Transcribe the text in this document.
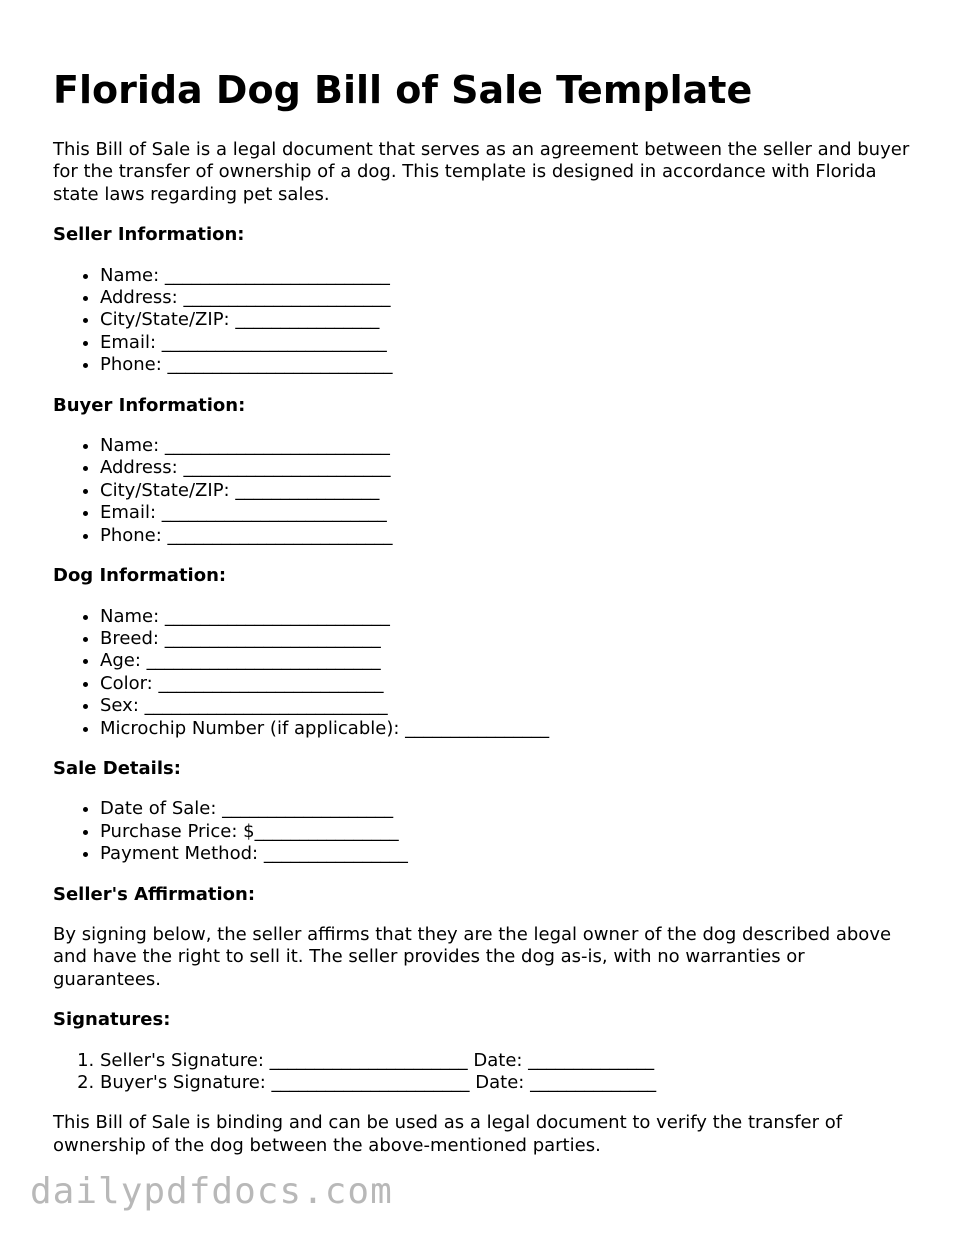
Florida Dog Bill of Sale Template

This Bill of Sale is a legal document that serves as an agreement between the seller and buyer for the transfer of ownership of a dog. This template is designed in accordance with Florida state laws regarding pet sales.

Seller Information:
• Name: _________________________
• Address: _______________________
• City/State/ZIP: ________________
• Email: _________________________
• Phone: _________________________
Buyer Information:
• Name: _________________________
• Address: _______________________
• City/State/ZIP: ________________
• Email: _________________________
• Phone: _________________________
Dog Information:
• Name: _________________________
• Breed: ________________________
• Age: __________________________
• Color: _________________________
• Sex: ___________________________
• Microchip Number (if applicable): ________________
Sale Details:
• Date of Sale: ___________________
• Purchase Price: $________________
• Payment Method: ________________
Seller's Affirmation:

By signing below, the seller affirms that they are the legal owner of the dog described above and have the right to sell it. The seller provides the dog as-is, with no warranties or guarantees.

Signatures:
1. Seller's Signature: ______________________ Date: ______________
2. Buyer's Signature: ______________________ Date: ______________

This Bill of Sale is binding and can be used as a legal document to verify the transfer of ownership of the dog between the above-mentioned parties.

dailypdfdocs.com
